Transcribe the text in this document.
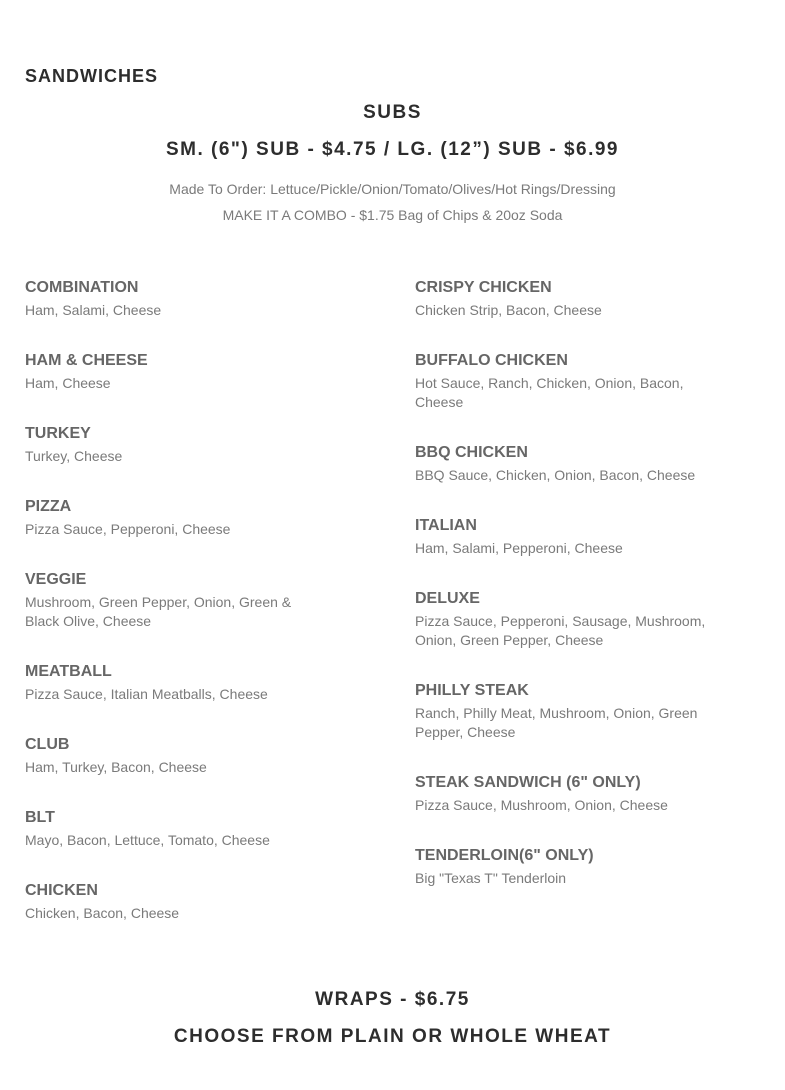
SANDWICHES
SUBS
SM. (6") SUB - $4.75 / LG. (12”) SUB - $6.99

Made To Order: Lettuce/Pickle/Onion/Tomato/Olives/Hot Rings/Dressing

MAKE IT A COMBO - $1.75 Bag of Chips & 20oz Soda

COMBINATION

Ham, Salami, Cheese

HAM & CHEESE

Ham, Cheese

TURKEY

Turkey, Cheese

PIZZA

Pizza Sauce, Pepperoni, Cheese

VEGGIE

Mushroom, Green Pepper, Onion, Green & Black Olive, Cheese

MEATBALL

Pizza Sauce, Italian Meatballs, Cheese

CLUB

Ham, Turkey, Bacon, Cheese

BLT

Mayo, Bacon, Lettuce, Tomato, Cheese

CHICKEN

Chicken, Bacon, Cheese

CRISPY CHICKEN

Chicken Strip, Bacon, Cheese

BUFFALO CHICKEN

Hot Sauce, Ranch, Chicken, Onion, Bacon, Cheese

BBQ CHICKEN

BBQ Sauce, Chicken, Onion, Bacon, Cheese

ITALIAN

Ham, Salami, Pepperoni, Cheese

DELUXE

Pizza Sauce, Pepperoni, Sausage, Mushroom, Onion, Green Pepper, Cheese

PHILLY STEAK

Ranch, Philly Meat, Mushroom, Onion, Green Pepper, Cheese

STEAK SANDWICH (6" ONLY)

Pizza Sauce, Mushroom, Onion, Cheese

TENDERLOIN(6" ONLY)

Big "Texas T" Tenderloin

WRAPS - $6.75
CHOOSE FROM PLAIN OR WHOLE WHEAT
